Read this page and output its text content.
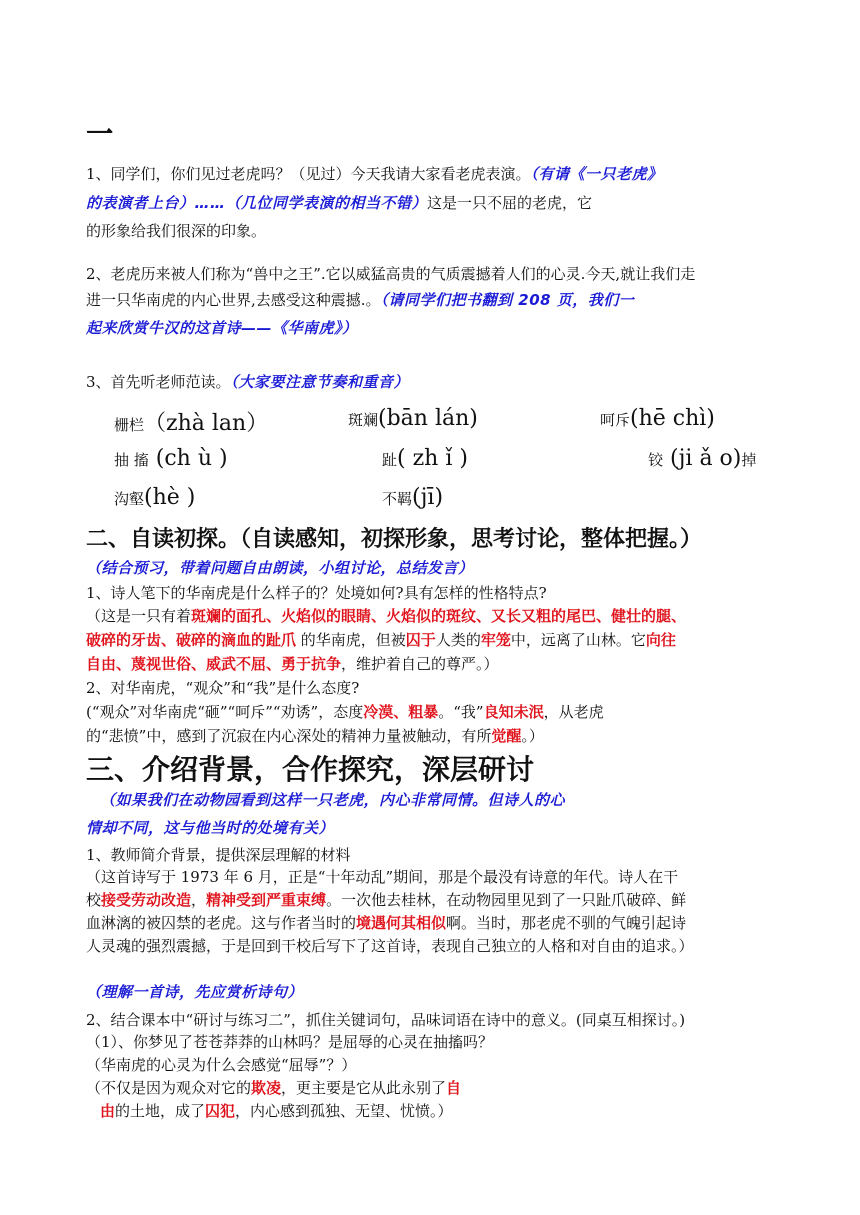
一
1、同学们，你们见过老虎吗？（见过）今天我请大家看老虎表演。（有请《一只老虎》
的表演者上台）……（几位同学表演的相当不错）这是一只不屈的老虎，它
的形象给我们很深的印象。
2、老虎历来被人们称为“兽中之王”.它以威猛高贵的气质震撼着人们的心灵.今天,就让我们走
进一只华南虎的内心世界,去感受这种震撼.。（请同学们把书翻到 208 页，我们一
起来欣赏牛汉的这首诗——《华南虎》）
3、首先听老师范读。（大家要注意节奏和重音）
栅栏（zhà lan）	斑斓(bān lán)	呵斥(hē chì)
抽 搐 (ch ù )	趾( zh ǐ )	铰 (ji ǎ o)掉
沟壑(hè )	不羁(jī)
二、自读初探。（自读感知，初探形象，思考讨论，整体把握。）
（结合预习，带着问题自由朗读，小组讨论，总结发言）
1、诗人笔下的华南虎是什么样子的？处境如何?具有怎样的性格特点?
（这是一只有着斑斓的面孔、火焰似的眼睛、火焰似的斑纹、又长又粗的尾巴、健壮的腿、
破碎的牙齿、破碎的滴血的趾爪 的华南虎，但被囚于人类的牢笼中，远离了山林。它向往
自由、蔑视世俗、威武不屈、勇于抗争，维护着自己的尊严。）
2、对华南虎，“观众”和“我”是什么态度?
(“观众”对华南虎“砸”“呵斥”“劝诱”，态度冷漠、粗暴。“我”良知未泯，从老虎
的“悲愤”中，感到了沉寂在内心深处的精神力量被触动，有所觉醒。）
三、介绍背景，合作探究，深层研讨
（如果我们在动物园看到这样一只老虎，内心非常同情。但诗人的心
情却不同，这与他当时的处境有关）
1、教师简介背景，提供深层理解的材料
（这首诗写于 1973 年 6 月，正是“十年动乱”期间，那是个最没有诗意的年代。诗人在干
校接受劳动改造，精神受到严重束缚。一次他去桂林，在动物园里见到了一只趾爪破碎、鲜
血淋漓的被囚禁的老虎。这与作者当时的境遇何其相似啊。当时，那老虎不驯的气魄引起诗
人灵魂的强烈震撼，于是回到干校后写下了这首诗，表现自己独立的人格和对自由的追求。）
（理解一首诗，先应赏析诗句）
2、结合课本中“研讨与练习二”，抓住关键词句，品味词语在诗中的意义。(同桌互相探讨。)
（1）、你梦见了苍苍莽莽的山林吗？是屈辱的心灵在抽搐吗？
（华南虎的心灵为什么会感觉“屈辱”？）
（不仅是因为观众对它的欺凌，更主要是它从此永别了自
由的土地，成了囚犯，内心感到孤独、无望、忧愤。）
